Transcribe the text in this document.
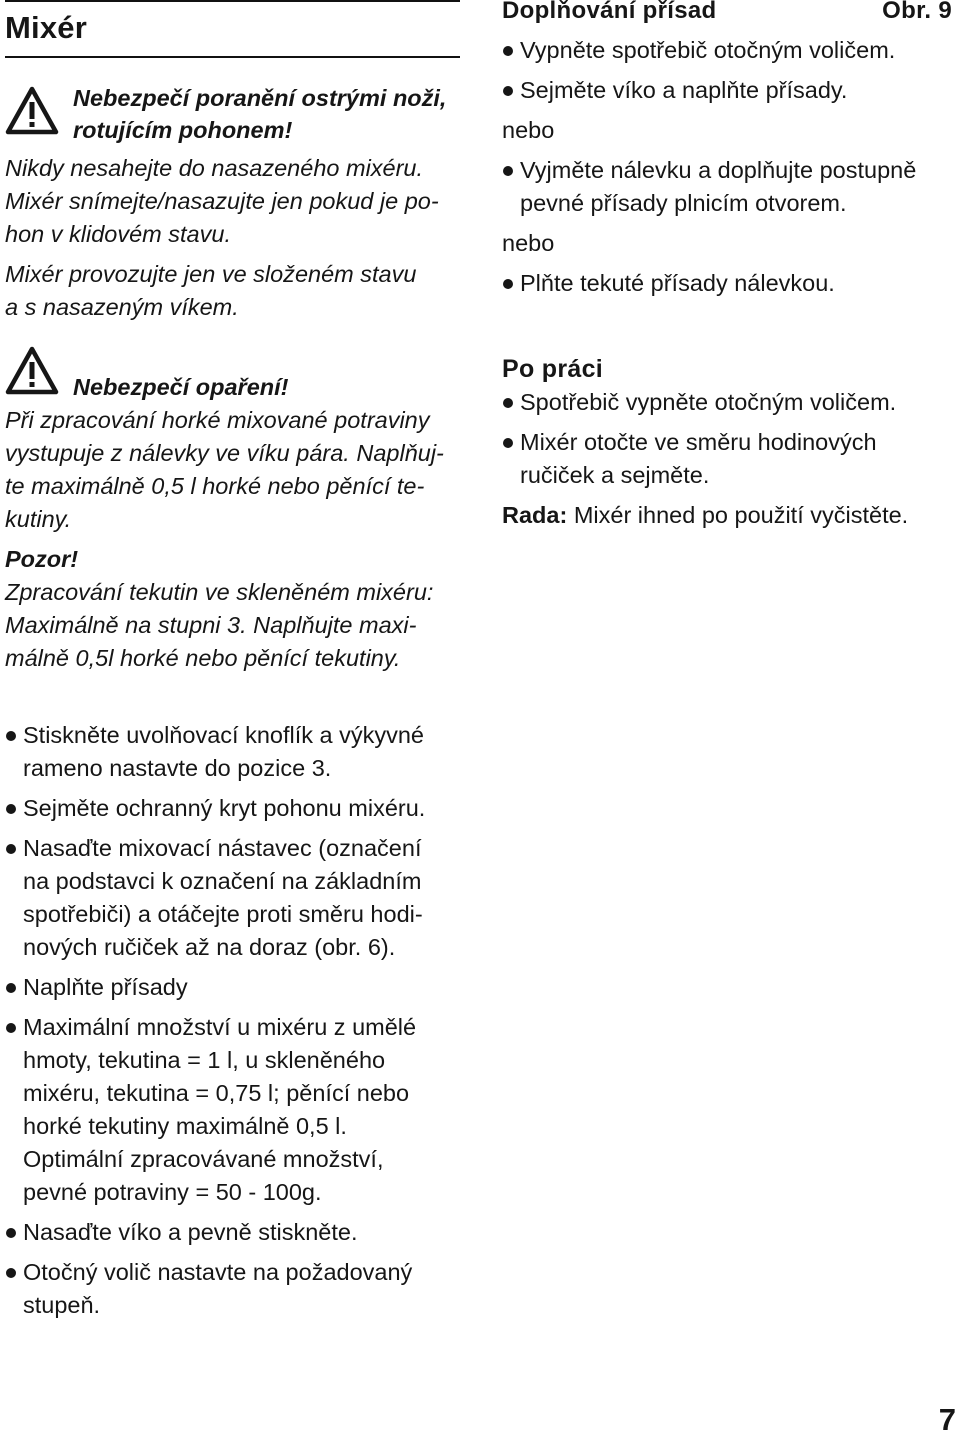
Mixér
Nebezpečí poranění ostrými noži,
rotujícím pohonem!
Nikdy nesahejte do nasazeného mixéru.
Mixér snímejte/nasazujte jen pokud je po-
hon v klidovém stavu.
Mixér provozujte jen ve složeném stavu
a s nasazeným víkem.
Nebezpečí opaření!
Při zpracování horké mixované potraviny
vystupuje z nálevky ve víku pára. Naplňuj-
te maximálně 0,5 l horké nebo pěnící te-
kutiny.
Pozor!
Zpracování tekutin ve skleněném mixéru:
Maximálně na stupni 3. Naplňujte maxi-
málně 0,5l horké nebo pěnící tekutiny.
Stiskněte uvolňovací knoflík a výkyvné
rameno nastavte do pozice 3.
Sejměte ochranný kryt pohonu mixéru.
Nasaďte mixovací nástavec (označení
na podstavci k označení na základním
spotřebiči) a otáčejte proti směru hodi-
nových ručiček až na doraz (obr. 6).
Naplňte přísady
Maximální množství u mixéru z umělé
hmoty, tekutina = 1 l, u skleněného
mixéru, tekutina = 0,75 l; pěnící nebo
horké tekutiny maximálně 0,5 l.
Optimální zpracovávané množství,
pevné potraviny = 50 - 100g.
Nasaďte víko a pevně stiskněte.
Otočný volič nastavte na požadovaný
stupeň.
Doplňování přísad	Obr. 9
Vypněte spotřebič otočným voličem.
Sejměte víko a naplňte přísady.
nebo
Vyjměte nálevku a doplňujte postupně
pevné přísady plnicím otvorem.
nebo
Plňte tekuté přísady nálevkou.
Po práci
Spotřebič vypněte otočným voličem.
Mixér otočte ve směru hodinových
ručiček a sejměte.
Rada: Mixér ihned po použití vyčistěte.
7
